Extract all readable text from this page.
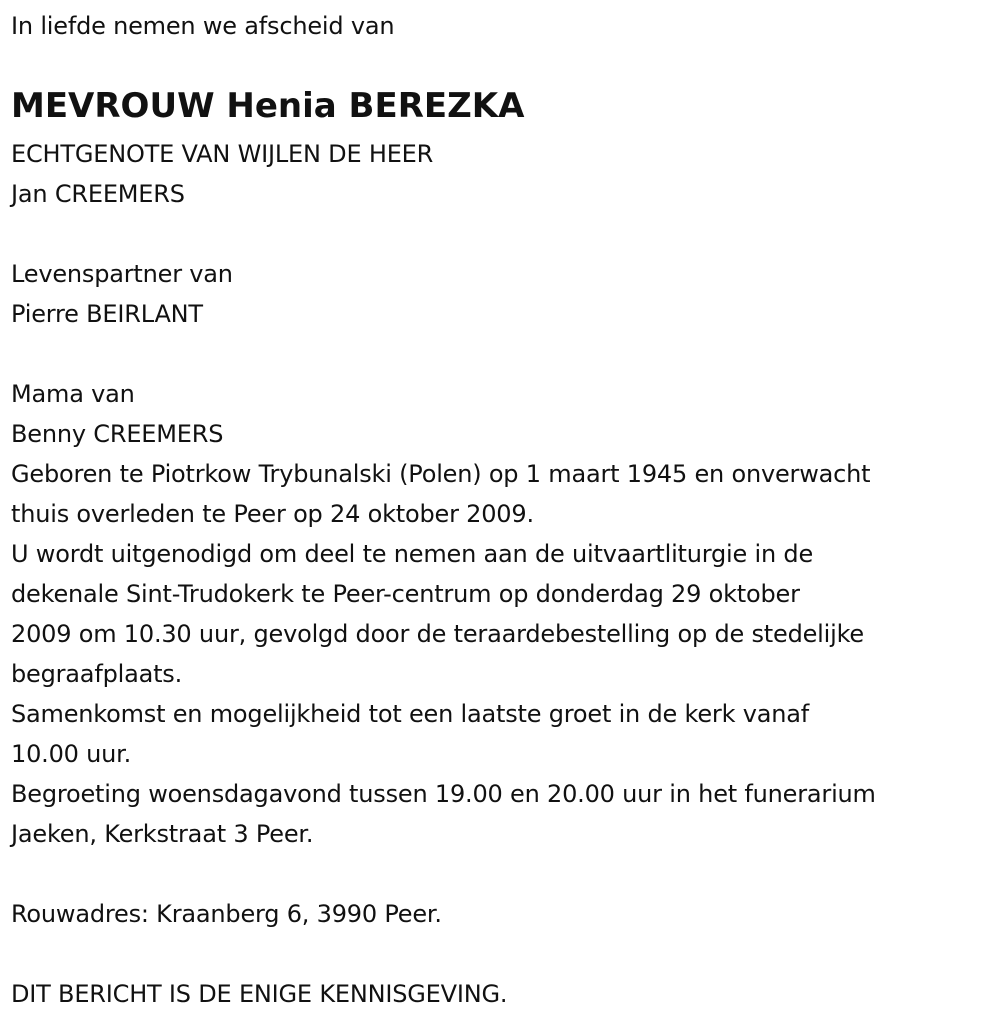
In liefde nemen we afscheid van
MEVROUW Henia BEREZKA
ECHTGENOTE VAN WIJLEN DE HEER
Jan CREEMERS
Levenspartner van
Pierre BEIRLANT
Mama van
Benny CREEMERS
Geboren te Piotrkow Trybunalski (Polen) op 1 maart 1945 en onverwacht
thuis overleden te Peer op 24 oktober 2009.
U wordt uitgenodigd om deel te nemen aan de uitvaartliturgie in de
dekenale Sint-Trudokerk te Peer-centrum op donderdag 29 oktober
2009 om 10.30 uur, gevolgd door de teraardebestelling op de stedelijke
begraafplaats.
Samenkomst en mogelijkheid tot een laatste groet in de kerk vanaf
10.00 uur.
Begroeting woensdagavond tussen 19.00 en 20.00 uur in het funerarium
Jaeken, Kerkstraat 3 Peer.
Rouwadres: Kraanberg 6, 3990 Peer.
DIT BERICHT IS DE ENIGE KENNISGEVING.
